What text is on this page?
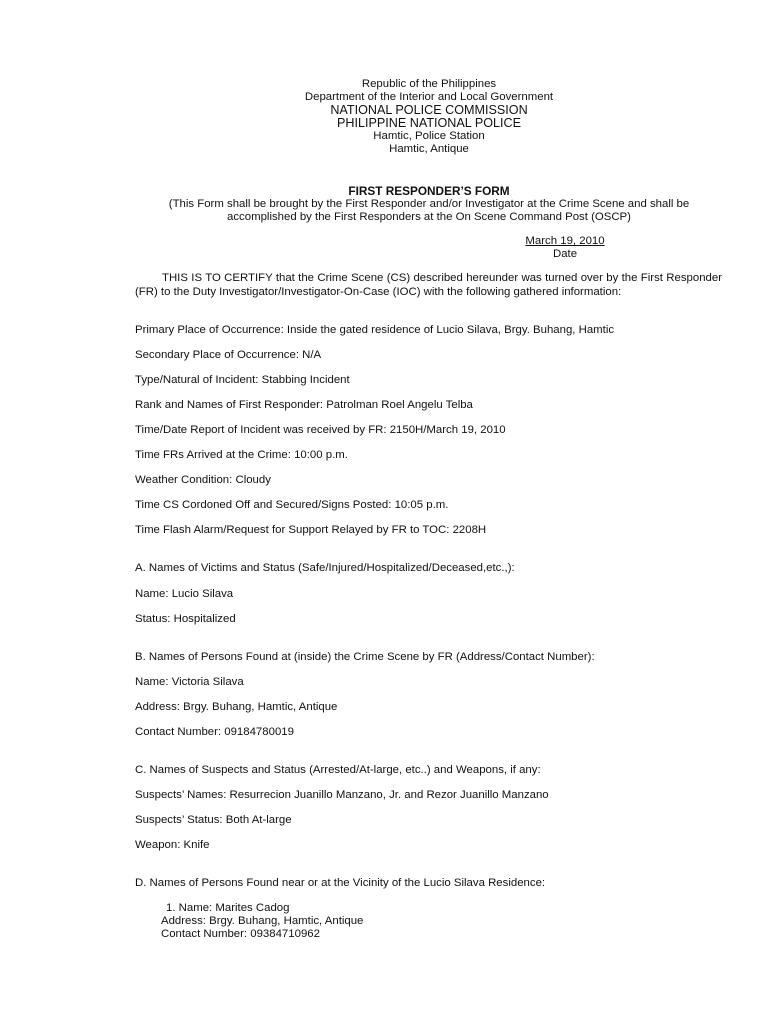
Republic of the Philippines
Department of the Interior and Local Government
NATIONAL POLICE COMMISSION
PHILIPPINE NATIONAL POLICE
Hamtic, Police Station
Hamtic, Antique
FIRST RESPONDER’S FORM
(This Form shall be brought by the First Responder and/or Investigator at the Crime Scene and shall be
accomplished by the First Responders at the On Scene Command Post (OSCP)
March 19, 2010
Date
THIS IS TO CERTIFY that the Crime Scene (CS) described hereunder was turned over by the First Responder (FR) to the Duty Investigator/Investigator-On-Case (IOC) with the following gathered information:
Primary Place of Occurrence: Inside the gated residence of Lucio Silava, Brgy. Buhang, Hamtic
Secondary Place of Occurrence: N/A
Type/Natural of Incident: Stabbing Incident
Rank and Names of First Responder: Patrolman Roel Angelu Telba
Time/Date Report of Incident was received by FR: 2150H/March 19, 2010
Time FRs Arrived at the Crime: 10:00 p.m.
Weather Condition: Cloudy
Time CS Cordoned Off and Secured/Signs Posted: 10:05 p.m.
Time Flash Alarm/Request for Support Relayed by FR to TOC: 2208H
A. Names of Victims and Status (Safe/Injured/Hospitalized/Deceased,etc.,):
Name: Lucio Silava
Status: Hospitalized
B. Names of Persons Found at (inside) the Crime Scene by FR (Address/Contact Number):
Name: Victoria Silava
Address: Brgy. Buhang, Hamtic, Antique
Contact Number: 09184780019
C. Names of Suspects and Status (Arrested/At-large, etc..) and Weapons, if any:
Suspects’ Names: Resurrecion Juanillo Manzano, Jr. and Rezor Juanillo Manzano
Suspects’ Status: Both At-large
Weapon: Knife
D. Names of Persons Found near or at the Vicinity of the Lucio Silava Residence:
1. Name: Marites Cadog
Address: Brgy. Buhang, Hamtic, Antique
Contact Number: 09384710962
